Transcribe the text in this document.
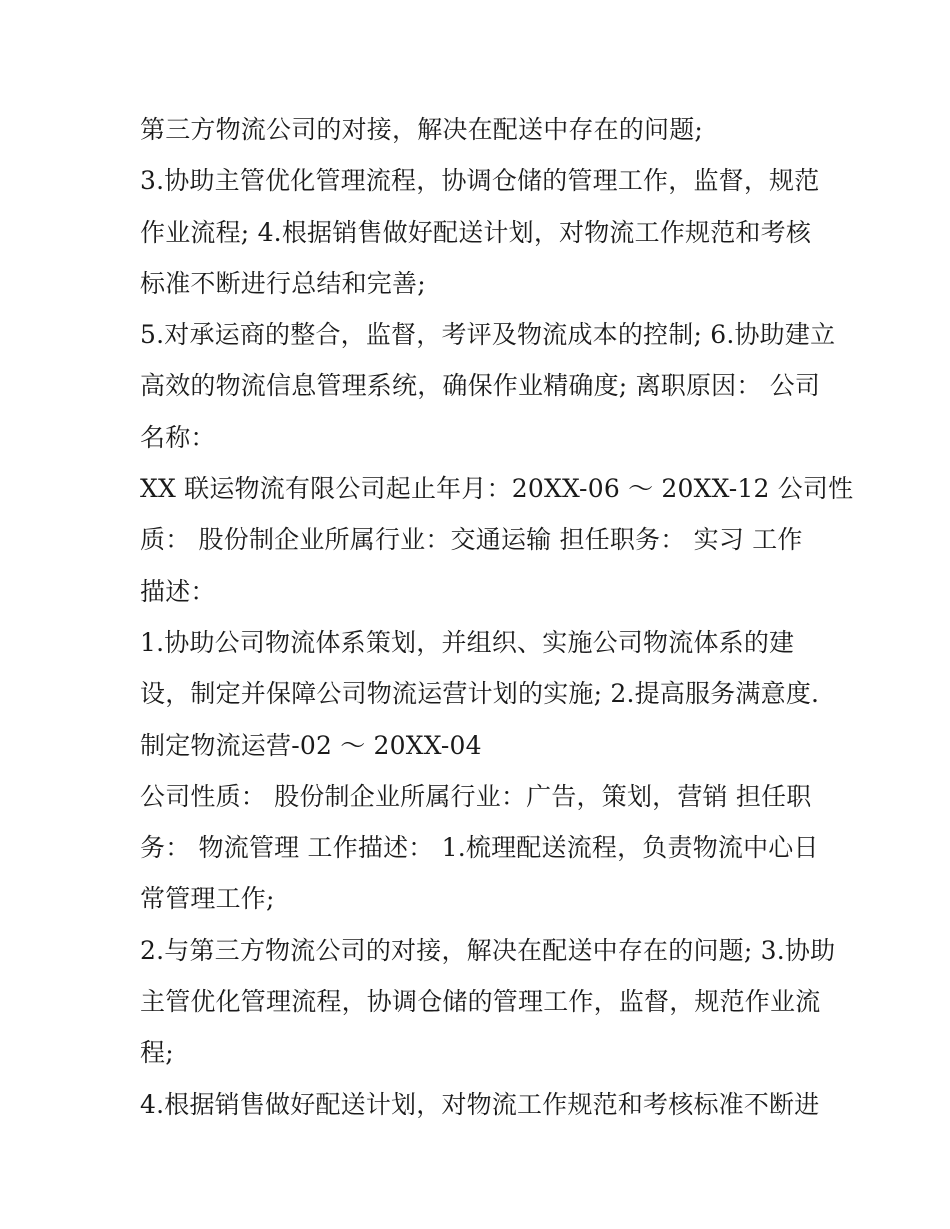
第三方物流公司的对接，解决在配送中存在的问题;
3.协助主管优化管理流程，协调仓储的管理工作，监督，规范
作业流程; 4.根据销售做好配送计划，对物流工作规范和考核
标准不断进行总结和完善;
5.对承运商的整合，监督，考评及物流成本的控制; 6.协助建立
高效的物流信息管理系统，确保作业精确度; 离职原因： 公司
名称：
XX 联运物流有限公司起止年月：20XX-06 ～ 20XX-12 公司性
质： 股份制企业所属行业：交通运输 担任职务： 实习 工作
描述：
1.协助公司物流体系策划，并组织、实施公司物流体系的建
设，制定并保障公司物流运营计划的实施; 2.提高服务满意度.
制定物流运营-02 ～ 20XX-04
公司性质： 股份制企业所属行业：广告，策划，营销 担任职
务： 物流管理 工作描述： 1.梳理配送流程，负责物流中心日
常管理工作;
2.与第三方物流公司的对接，解决在配送中存在的问题; 3.协助
主管优化管理流程，协调仓储的管理工作，监督，规范作业流
程;
4.根据销售做好配送计划，对物流工作规范和考核标准不断进
